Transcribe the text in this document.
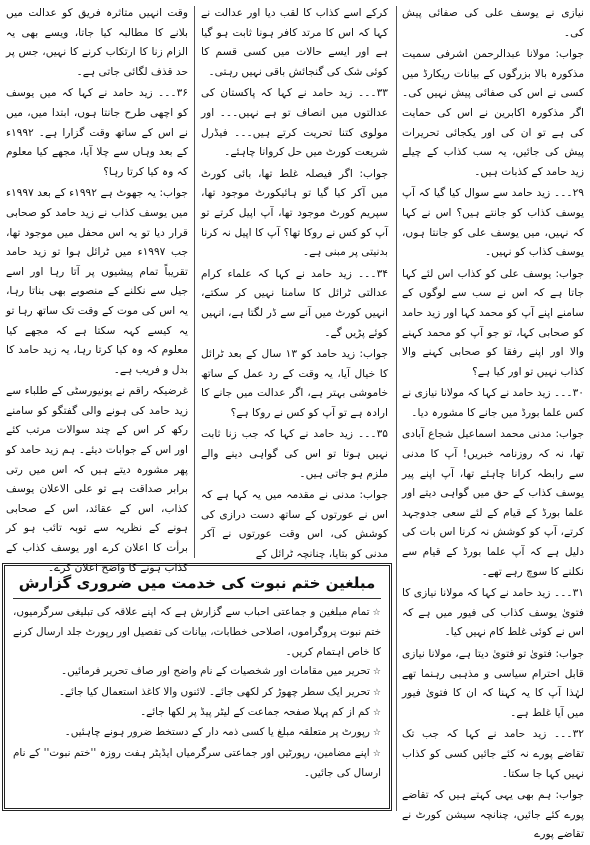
نیازی نے یوسف علی کی صفائی پیش کی۔

جواب: مولانا عبدالرحمن اشرفی سمیت مذکورہ بالا بزرگوں کے بیانات ریکارڈ میں کسی نے اس کی صفائی پیش نہیں کی۔ اگر مذکورہ اکابرین نے اس کی حمایت کی ہے تو ان کی اور یکجائی تحریرات پیش کی جائیں، یہ سب کذاب کے چیلے زید حامد کے کذبات ہیں۔

۲۹۔۔۔ زید حامد سے سوال کیا گیا کہ آپ یوسف کذاب کو جانتے ہیں؟ اس نے کہا کہ نہیں، میں یوسف علی کو جانتا ہوں، یوسف کذاب کو نہیں۔

جواب: یوسف علی کو کذاب اس لئے کہا جاتا ہے کہ اس نے سب سے لوگوں کے سامنے اپنے آپ کو محمد کہا اور زید حامد کو صحابی کہا، تو جو آپ کو محمد کہنے والا اور اپنے رفقا کو صحابی کہنے والا کذاب نہیں تو اور کیا ہے؟

۳۰۔۔۔ زید حامد نے کہا کہ مولانا نیازی نے کس علما بورڈ میں جانے کا مشورہ دیا۔

جواب: مدنی محمد اسماعیل شجاع آبادی تھا، نہ کہ روزنامہ خبریں! آپ کا مدنی سے رابطہ کرانا چاہئے تھا، آپ اپنے پیر یوسف کذاب کے حق میں گواہی دیتے اور علما بورڈ کے قیام کے لئے سعی جدوجہد کرتے، آپ کو کوشش نہ کرنا اس بات کی دلیل ہے کہ آپ علما بورڈ کے قیام سے نکلنے کا سوچ رہے تھے۔

۳۱۔۔۔ زید حامد نے کہا کہ مولانا نیازی کا فتویٰ یوسف کذاب کی فیور میں ہے کہ اس نے کوئی غلط کام نہیں کیا۔

جواب: فتویٰ تو فتویٰ دیتا ہے، مولانا نیازی قابل احترام سیاسی و مذہبی رہنما تھے لہٰذا آپ کا یہ کہنا کہ ان کا فتویٰ فیور میں آیا غلط ہے۔

۳۲۔۔۔ زید حامد نے کہا کہ جب تک تقاضے پورے نہ کئے جائیں کسی کو کذاب نہیں کہا جا سکتا۔

جواب: ہم بھی یہی کہتے ہیں کہ تقاضے پورے کئے جائیں، چنانچہ سیشن کورٹ نے تقاضے پورے

کرکے اسے کذاب کا لقب دیا اور عدالت نے کہا کہ اس کا مرتد کافر ہونا ثابت ہو گیا ہے اور ایسے حالات میں کسی قسم کا کوئی شک کی گنجائش باقی نہیں رہتی۔

۳۳۔۔۔ زید حامد نے کہا کہ پاکستان کی عدالتوں میں انصاف تو ہے نہیں۔۔۔ اور مولوی کتنا تحریت کرتے ہیں۔۔۔ فیڈرل شریعت کورٹ میں حل کروانا چاہئے۔

جواب: اگر فیصلہ غلط تھا، بائی کورٹ میں آکر کیا گیا تو ہائیکورٹ موجود تھا، سپریم کورٹ موجود تھا، آپ اپیل کرتے تو آپ کو کس نے روکا تھا؟ آپ کا اپیل نہ کرنا بدنیتی پر مبنی ہے۔

۳۴۔۔۔ زید حامد نے کہا کہ علماء کرام عدالتی ٹرائل کا سامنا نہیں کر سکتے، انہیں کورٹ میں آنے سے ڈر لگتا ہے، انہیں کوئے پڑیں گے۔

جواب: زید حامد کو ۱۳ سال کے بعد ٹرائل کا خیال آیا، یہ وقت کے رد عمل کے ساتھ خاموشی بہتر ہے، اگر عدالت میں جانے کا ارادہ ہے تو آپ کو کس نے روکا ہے؟

۳۵۔۔۔ زید حامد نے کہا کہ جب زنا ثابت نہیں ہوتا تو اس کی گواہی دینے والے ملزم ہو جاتی ہیں۔

جواب: مدنی نے مقدمہ میں یہ کہا ہے کہ اس نے عورتوں کے ساتھ دست درازی کی کوشش کی، اس وقت عورتوں نے آکر مدنی کو بتایا، چنانچہ ٹرائل کے

وقت انہیں متاثرہ فریق کو عدالت میں بلانے کا مطالبہ کیا جاتا، ویسے بھی یہ الزام زنا کا ارتکاب کرنے کا نہیں، جس پر حد قذف لگائی جاتی ہے۔

۳۶۔۔۔ زید حامد نے کہا کہ میں یوسف کو اچھی طرح جانتا ہوں، ابتدا میں، میں نے اس کے ساتھ وقت گزارا ہے۔ ۱۹۹۲ء کے بعد وہاں سے چلا آیا، مجھے کیا معلوم کہ وہ کیا کرتا رہا؟

جواب: یہ جھوٹ ہے ۱۹۹۲ء کے بعد ۱۹۹۷ء میں یوسف کذاب نے زید حامد کو صحابی قرار دیا تو یہ اس محفل میں موجود تھا، جب ۱۹۹۷ء میں ٹرائل ہوا تو زید حامد تقریباً تمام پیشیوں پر آتا رہا اور اسے جیل سے نکلنے کے منصوبے بھی بناتا رہا، یہ اس کی موت کے وقت تک ساتھ رہا تو یہ کیسے کہہ سکتا ہے کہ مجھے کیا معلوم کہ وہ کیا کرتا رہا، یہ زید حامد کا بدل و فریب ہے۔

غرضیکہ راقم نے یونیورسٹی کے طلباء سے زید حامد کی ہونے والی گفتگو کو سامنے رکھ کر اس کے چند سوالات مرتب کئے اور اس کے جوابات دیئے۔ ہم زید حامد کو پھر مشورہ دیتے ہیں کہ اس میں رتی برابر صداقت ہے تو علی الاعلان یوسف کذاب، اس کے عقائد، اس کے صحابی ہونے کے نظریہ سے توبہ تائب ہو کر برأت کا اعلان کرے اور یوسف کذاب کے کذاب ہونے کا واضح اعلان کرے۔

مبلغین ختم نبوت کی خدمت میں ضروری گزارش
☆تمام مبلغین و جماعتی احباب سے گزارش ہے کہ اپنے علاقہ کی تبلیغی سرگرمیوں، ختم نبوت پروگراموں، اصلاحی خطابات، بیانات کی تفصیل اور رپورٹ جلد ارسال کرنے کا خاص اہتمام کریں۔
☆تحریر میں مقامات اور شخصیات کے نام واضح اور صاف تحریر فرمائیں۔
☆تحریر ایک سطر چھوڑ کر لکھی جائے۔ لائنوں والا کاغذ استعمال کیا جائے۔
☆کم از کم پہلا صفحہ جماعت کے لیٹر پیڈ پر لکھا جائے۔
☆رپورٹ پر متعلقہ مبلغ یا کسی ذمہ دار کے دستخط ضرور ہونے چاہئیں۔
☆اپنے مضامین، رپورٹیں اور جماعتی سرگرمیاں ایڈیٹر ہفت روزہ ''ختم نبوت'' کے نام ارسال کی جائیں۔
